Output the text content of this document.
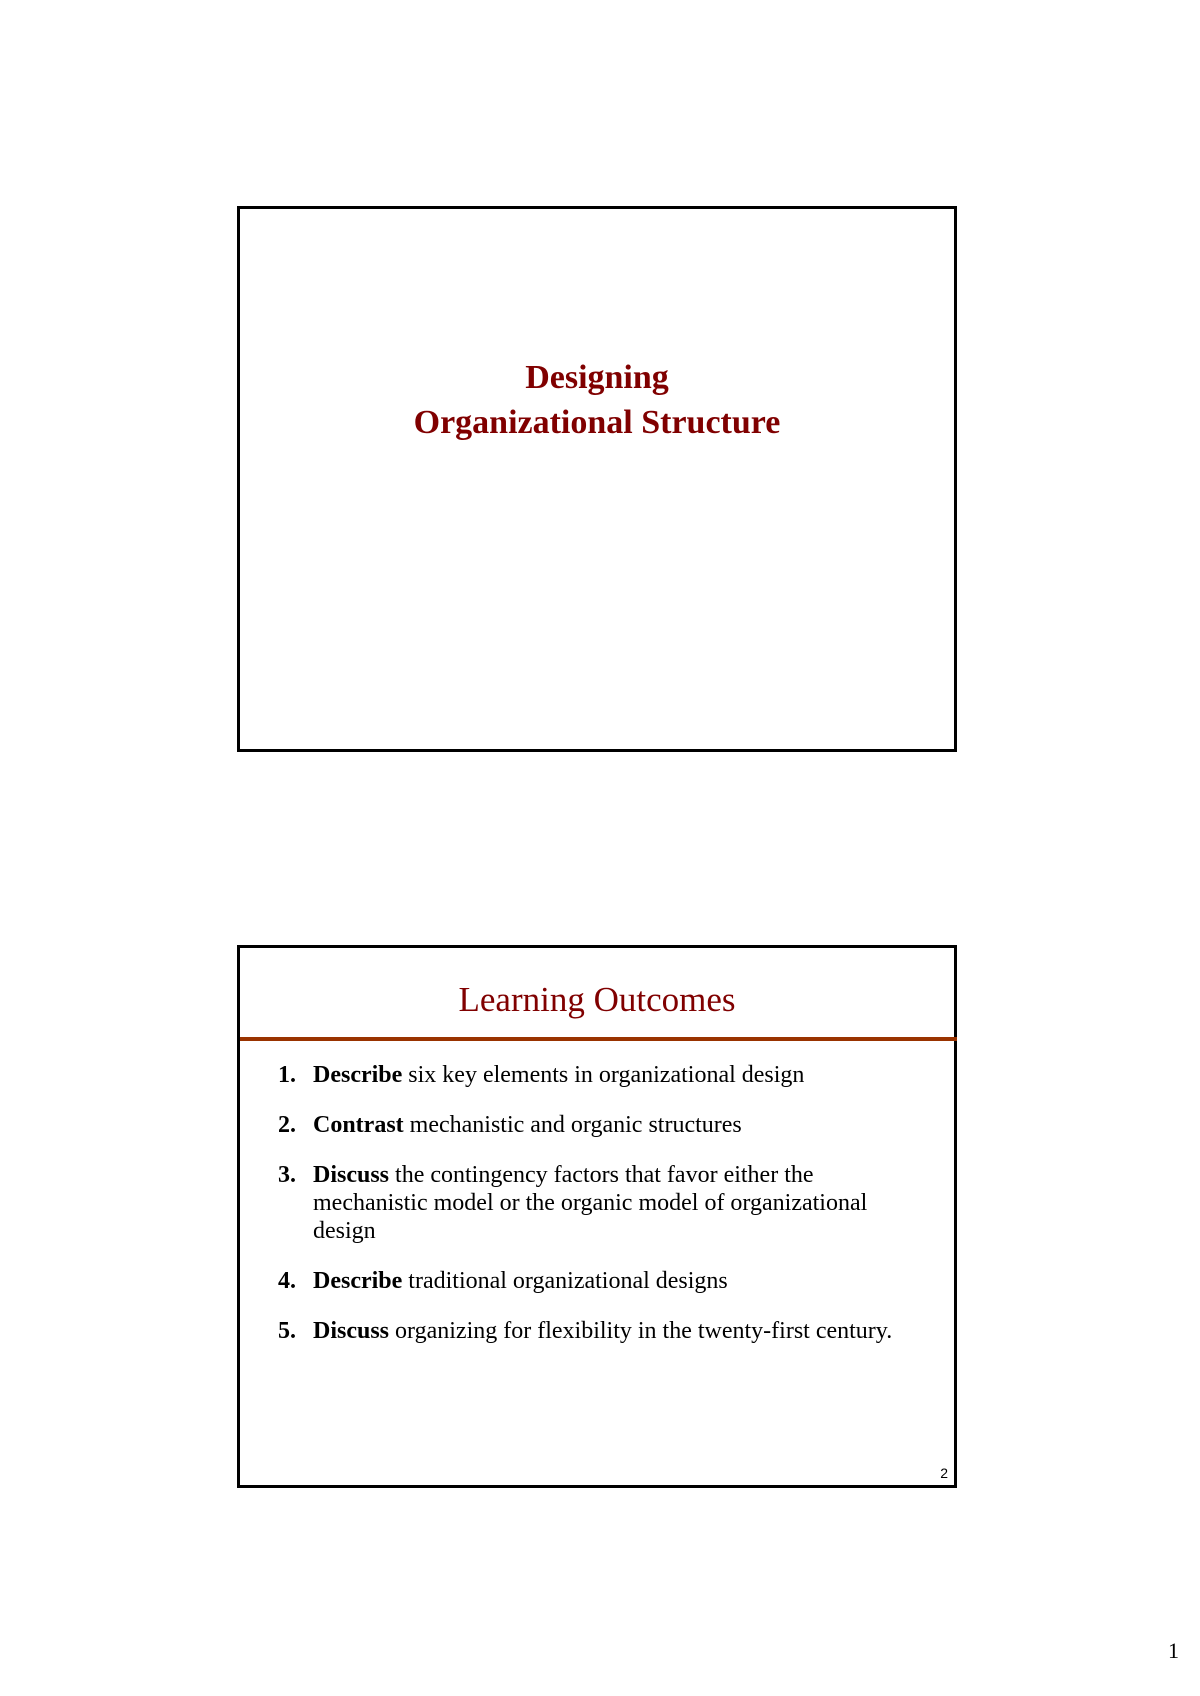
Designing
Organizational Structure
Learning Outcomes
1. Describe six key elements in organizational design
2. Contrast mechanistic and organic structures
3. Discuss the contingency factors that favor either the mechanistic model or the organic model of organizational design
4. Describe traditional organizational designs
5. Discuss organizing for flexibility in the twenty-first century.
2
1
